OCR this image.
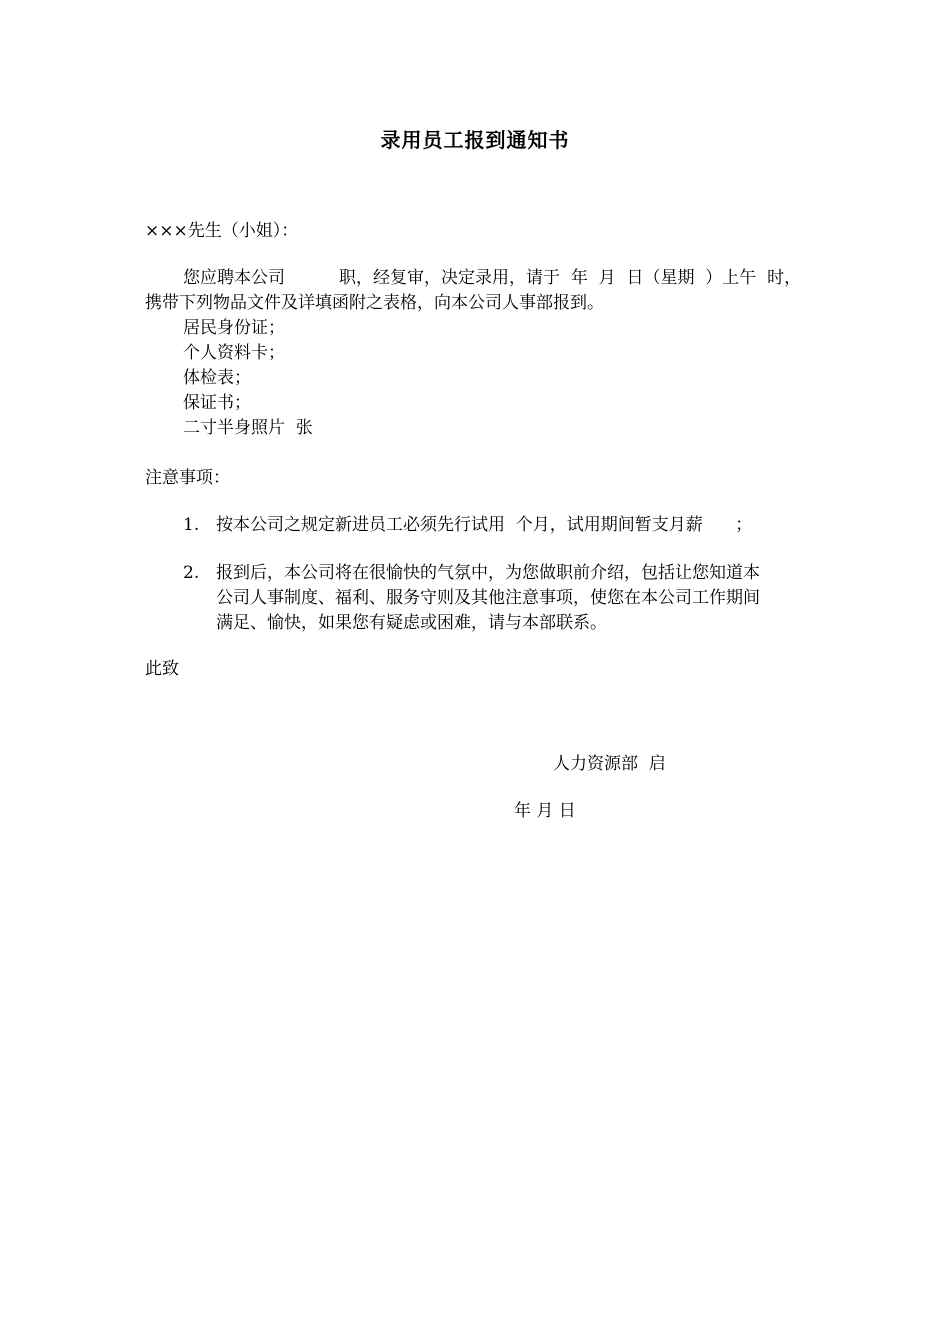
录用员工报到通知书
×××先生（小姐）：
您应聘本公司          职，经复审，决定录用，请于  年  月  日（星期  ）上午  时，
携带下列物品文件及详填函附之表格，向本公司人事部报到。
居民身份证；
个人资料卡；
体检表；
保证书；
二寸半身照片  张
注意事项：
1. 按本公司之规定新进员工必须先行试用  个月，试用期间暂支月薪      ；
2. 报到后，本公司将在很愉快的气氛中，为您做职前介绍，包括让您知道本
公司人事制度、福利、服务守则及其他注意事项，使您在本公司工作期间
满足、愉快，如果您有疑虑或困难，请与本部联系。
此致
人力资源部  启
年 月 日
